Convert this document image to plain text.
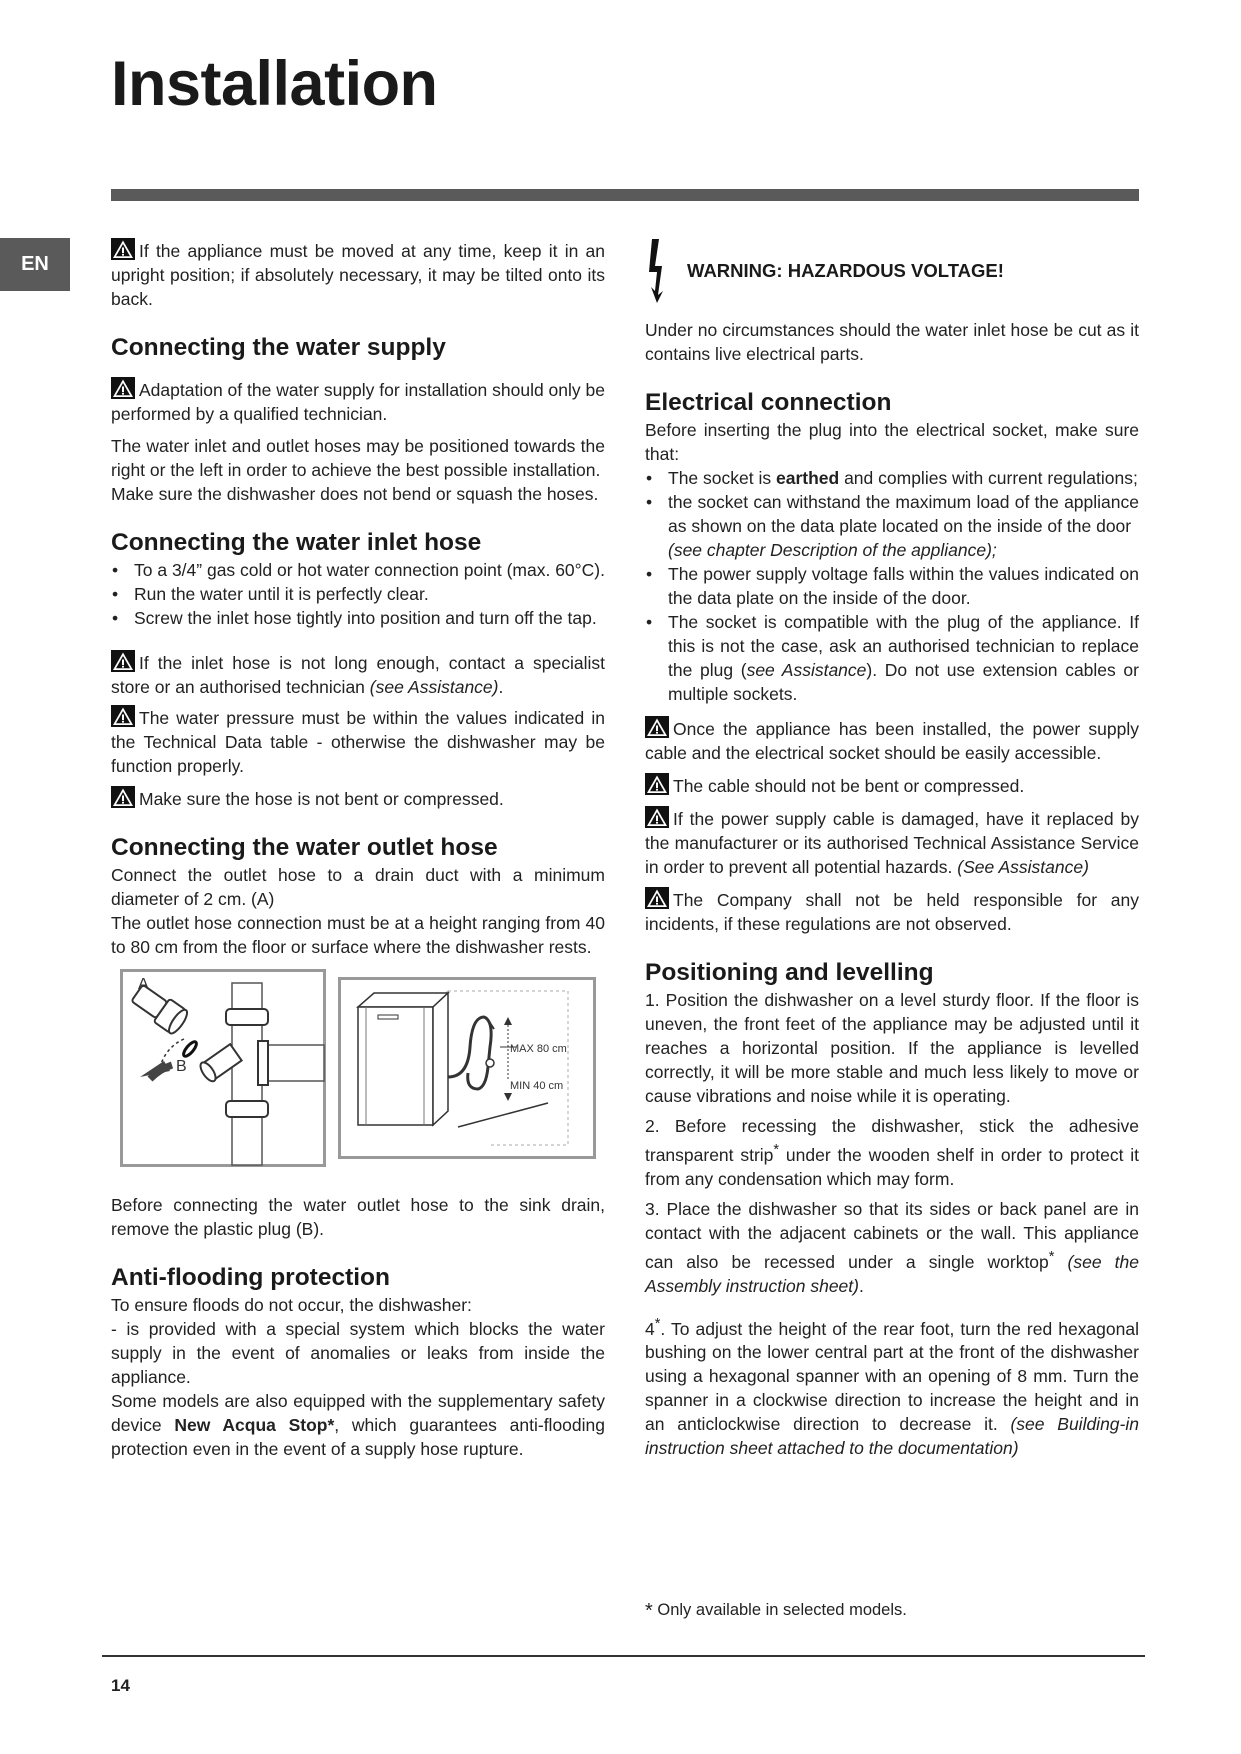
Installation
EN

If the appliance must be moved at any time, keep it in an upright position; if absolutely necessary, it may be tilted onto its back.

Connecting the water supply

Adaptation of the water supply for installation should only be performed by a qualified technician.

The water inlet and outlet hoses may be positioned towards the right or the left in order to achieve the best possible installation.

Make sure the dishwasher does not bend or squash the hoses.

Connecting the water inlet hose
• To a 3/4” gas cold or hot water connection point (max. 60°C).
• Run the water until it is perfectly clear.
• Screw the inlet hose tightly into position and turn off the tap.

If the inlet hose is not long enough, contact a specialist store or an authorised technician (see Assistance).

The water pressure must be within the values indicated in the Technical Data table - otherwise the dishwasher may be function properly.

Make sure the hose is not bent or compressed.

Connecting the water outlet hose

Connect the outlet hose to a drain duct with a minimum diameter of 2 cm. (A)

The outlet hose connection must be at a height ranging from 40 to 80 cm from the floor or surface where the dishwasher rests.

A
B
MAX 80 cm
MIN 40 cm

Before connecting the water outlet hose to the sink drain, remove the plastic plug (B).

Anti-flooding protection

To ensure floods do not occur, the dishwasher:

- is provided with a special system which blocks the water supply in the event of anomalies or leaks from inside the appliance.

Some models are also equipped with the supplementary safety device New Acqua Stop*, which guarantees anti-flooding protection even in the event of a supply hose rupture.

WARNING: HAZARDOUS VOLTAGE!

Under no circumstances should the water inlet hose be cut as it contains live electrical parts.

Electrical connection

Before inserting the plug into the electrical socket, make sure that:

• The socket is earthed and complies with current regulations;
• the socket can withstand the maximum load of the appliance as shown on the data plate located on the inside of the door
(see chapter Description of the appliance);
• The power supply voltage falls within the values indicated on the data plate on the inside of the door.
• The socket is compatible with the plug of the appliance. If this is not the case, ask an authorised technician to replace the plug (see Assistance). Do not use extension cables or multiple sockets.

Once the appliance has been installed, the power supply cable and the electrical socket should be easily accessible.

The cable should not be bent or compressed.

If the power supply cable is damaged, have it replaced by the manufacturer or its authorised Technical Assistance Service in order to prevent all potential hazards. (See Assistance)

The Company shall not be held responsible for any incidents, if these regulations are not observed.

Positioning and levelling

1. Position the dishwasher on a level sturdy floor. If the floor is uneven, the front feet of the appliance may be adjusted until it reaches a horizontal position. If the appliance is levelled correctly, it will be more stable and much less likely to move or cause vibrations and noise while it is operating.

2. Before recessing the dishwasher, stick the adhesive transparent strip* under the wooden shelf in order to protect it from any condensation which may form.

3. Place the dishwasher so that its sides or back panel are in contact with the adjacent cabinets or the wall. This appliance can also be recessed under a single worktop* (see the Assembly instruction sheet).

4*. To adjust the height of the rear foot, turn the red hexagonal bushing on the lower central part at the front of the dishwasher using a hexagonal spanner with an opening of 8 mm. Turn the spanner in a clockwise direction to increase the height and in an anticlockwise direction to decrease it. (see Building-in instruction sheet attached to the documentation)

* Only available in selected models.
14
